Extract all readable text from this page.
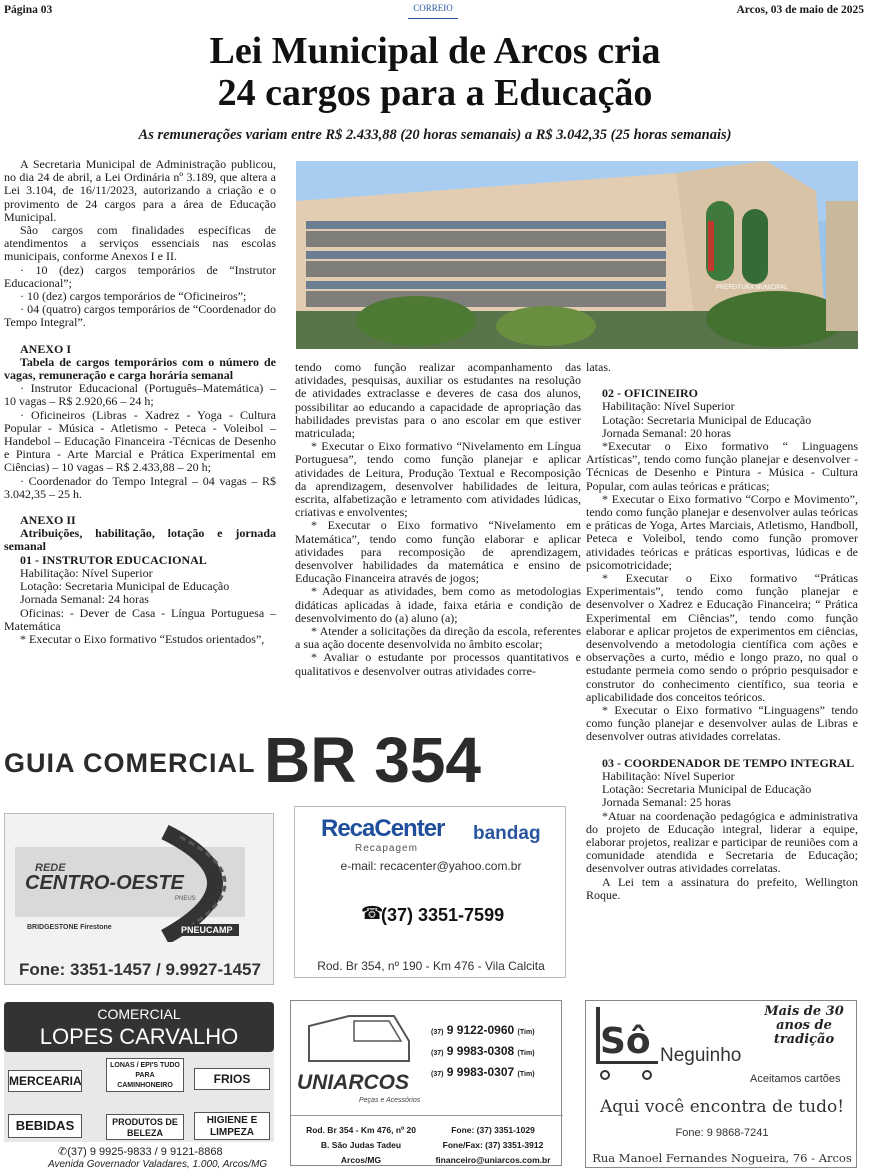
Página 03	CORREIO	Arcos, 03 de maio de 2025
Lei Municipal de Arcos cria
24 cargos para a Educação
As remunerações variam entre R$ 2.433,88 (20 horas semanais) a R$ 3.042,35 (25 horas semanais)

A Secretaria Municipal de Administração publicou, no dia 24 de abril, a Lei Ordinária nº 3.189, que altera a Lei 3.104, de 16/11/2023, autorizando a criação e o provimento de 24 cargos para a área de Educação Municipal.

São cargos com finalidades específicas de atendimentos a serviços essenciais nas escolas municipais, conforme Anexos I e II.

· 10 (dez) cargos temporários de “Instrutor Educacional”;

· 10 (dez) cargos temporários de “Oficineiros”;

· 04 (quatro) cargos temporários de “Coordenador do Tempo Integral”.

ANEXO I

Tabela de cargos temporários com o número de vagas, remuneração e carga horária semanal

· Instrutor Educacional (Português–Matemática) – 10 vagas – R$ 2.920,66 – 24 h;

· Oficineiros (Libras - Xadrez - Yoga - Cultura Popular - Música - Atletismo - Peteca - Voleibol – Handebol – Educação Financeira -Técnicas de Desenho e Pintura - Arte Marcial e Prática Experimental em Ciências) – 10 vagas – R$ 2.433,88 – 20 h;

· Coordenador do Tempo Integral – 04 vagas – R$ 3.042,35 – 25 h.

ANEXO II

Atribuições, habilitação, lotação e jornada semanal

01 - INSTRUTOR EDUCACIONAL

Habilitação: Nível Superior

Lotação: Secretaria Municipal de Educação

Jornada Semanal: 24 horas

Oficinas: - Dever de Casa - Língua Portuguesa – Matemática

* Executar o Eixo formativo “Estudos orientados”,

PREFEITURA MUNICIPAL

tendo como função realizar acompanhamento das atividades, pesquisas, auxiliar os estudantes na resolução de atividades extraclasse e deveres de casa dos alunos, possibilitar ao educando a capacidade de apropriação das habilidades previstas para o ano escolar em que estiver matriculada;

* Executar o Eixo formativo “Nivelamento em Língua Portuguesa”, tendo como função planejar e aplicar atividades de Leitura, Produção Textual e Recomposição da aprendizagem, desenvolver habilidades de leitura, escrita, alfabetização e letramento com atividades lúdicas, criativas e envolventes;

* Executar o Eixo formativo “Nivelamento em Matemática”, tendo como função elaborar e aplicar atividades para recomposição de aprendizagem, desenvolver habilidades da matemática e ensino de Educação Financeira através de jogos;

* Adequar as atividades, bem como as metodologias didáticas aplicadas à idade, faixa etária e condição de desenvolvimento do (a) aluno (a);

* Atender a solicitações da direção da escola, referentes a sua ação docente desenvolvida no âmbito escolar;

* Avaliar o estudante por processos quantitativos e qualitativos e desenvolver outras atividades corre-

latas.

02 - OFICINEIRO

Habilitação: Nível Superior

Lotação: Secretaria Municipal de Educação

Jornada Semanal: 20 horas

*Executar o Eixo formativo “ Linguagens Artísticas”, tendo como função planejar e desenvolver - Técnicas de Desenho e Pintura - Música - Cultura Popular, com aulas teóricas e práticas;

* Executar o Eixo formativo “Corpo e Movimento”, tendo como função planejar e desenvolver aulas teóricas e práticas de Yoga, Artes Marciais, Atletismo, Handboll, Peteca e Voleibol, tendo como função promover atividades teóricas e práticas esportivas, lúdicas e de psicomotricidade;

* Executar o Eixo formativo “Práticas Experimentais”, tendo como função planejar e desenvolver o Xadrez e Educação Financeira; “ Prática Experimental em Ciências”, tendo como função elaborar e aplicar projetos de experimentos em ciências, desenvolvendo a metodologia científica com ações e observações a curto, médio e longo prazo, no qual o estudante permeia como sendo o próprio pesquisador e construtor do conhecimento científico, sua teoria e aplicabilidade dos conceitos teóricos.

* Executar o Eixo formativo “Linguagens” tendo como função planejar e desenvolver aulas de Libras e desenvolver outras atividades correlatas.

03 - COORDENADOR DE TEMPO INTEGRAL

Habilitação: Nível Superior

Lotação: Secretaria Municipal de Educação

Jornada Semanal: 25 horas

*Atuar na coordenação pedagógica e administrativa do projeto de Educação integral, liderar a equipe, elaborar projetos, realizar e participar de reuniões com a comunidade atendida e Secretaria de Educação; desenvolver outras atividades correlatas.

A Lei tem a assinatura do prefeito, Wellington Roque.

GUIA COMERCIAL BR 354
REDE
CENTRO-OESTE
PNEUS
BRIDGESTONE Firestone	PNEUCAMP
Fone: 3351-1457 / 9.9927-1457
RecaCenter
Recapagem
bandag
e-mail: recacenter@yahoo.com.br
☎
(37) 3351-7599
Rod. Br 354, nº 190 - Km 476 - Vila Calcita
COMERCIAL
LOPES CARVALHO
MERCEARIA
LONAS / EPI'S TUDO PARA CAMINHONEIRO	FRIOS
BEBIDAS	PRODUTOS DE BELEZA
HIGIENE E LIMPEZA
✆(37) 9 9925-9833 / 9 9121-8868
Avenida Governador Valadares, 1.000, Arcos/MG
UNIARCOS
Peças e Acessórios
(37) 9 9122-0960 (Tim)
(37) 9 9983-0308 (Tim)
(37) 9 9983-0307 (Tim)
Rod. Br 354 - Km 476, nº 20
B. São Judas Tadeu
Arcos/MG
Fone: (37) 3351-1029
Fone/Fax: (37) 3351-3912
financeiro@uniarcos.com.br
Sô Neguinho
Mais de 30 anos de tradição
Aceitamos cartões
Aqui você encontra de tudo!
Fone: 9 9868-7241
Rua Manoel Fernandes Nogueira, 76 - Arcos
